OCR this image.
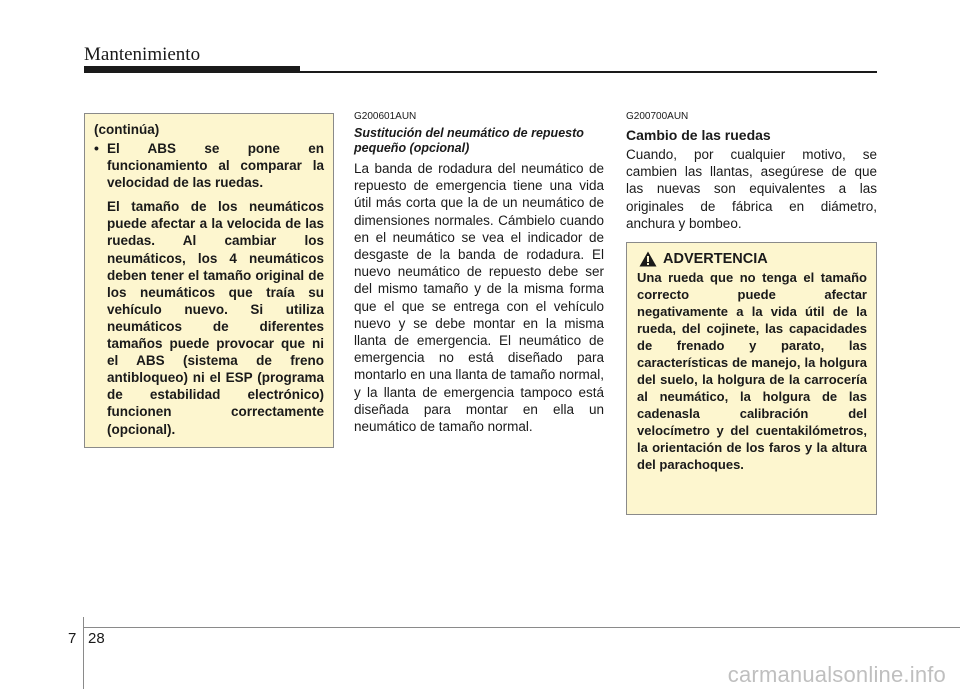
Mantenimiento
(continúa)
• El ABS se pone en funcionamiento al comparar la velocidad de las ruedas.

El tamaño de los neumáticos puede afectar a la velocida de las ruedas. Al cambiar los neumáticos, los 4 neumáticos deben tener el tamaño original de los neumáticos que traía su vehículo nuevo. Si utiliza neumáticos de diferentes tamaños puede provocar que ni el ABS (sistema de freno antibloqueo) ni el ESP (programa de estabilidad electrónico) funcionen correctamente (opcional).

G200601AUN

Sustitución del neumático de repuesto pequeño (opcional)
La banda de rodadura del neumático de repuesto de emergencia tiene una vida útil más corta que la de un neumático de dimensiones normales. Cámbielo cuando en el neumático se vea el indicador de desgaste de la banda de rodadura. El nuevo neumático de repuesto debe ser del mismo tamaño y de la misma forma que el que se entrega con el vehículo nuevo y se debe montar en la misma llanta de emergencia. El neumático de emergencia no está diseñado para montarlo en una llanta de tamaño normal, y la llanta de emergencia tampoco está diseñada para montar en ella un neumático de tamaño normal.

G200700AUN

Cambio de las ruedas
Cuando, por cualquier motivo, se cambien las llantas, asegúrese de que las nuevas son equivalentes a las originales de fábrica en diámetro, anchura y bombeo.
ADVERTENCIA

Una rueda que no tenga el tamaño correcto puede afectar negativamente a la vida útil de la rueda, del cojinete, las capacidades de frenado y parato, las características de manejo, la holgura del suelo, la holgura de la carrocería al neumático, la holgura de las cadenasla calibración del velocímetro y del cuentakilómetros, la orientación de los faros y la altura del parachoques.

7 28
carmanualsonline.info
